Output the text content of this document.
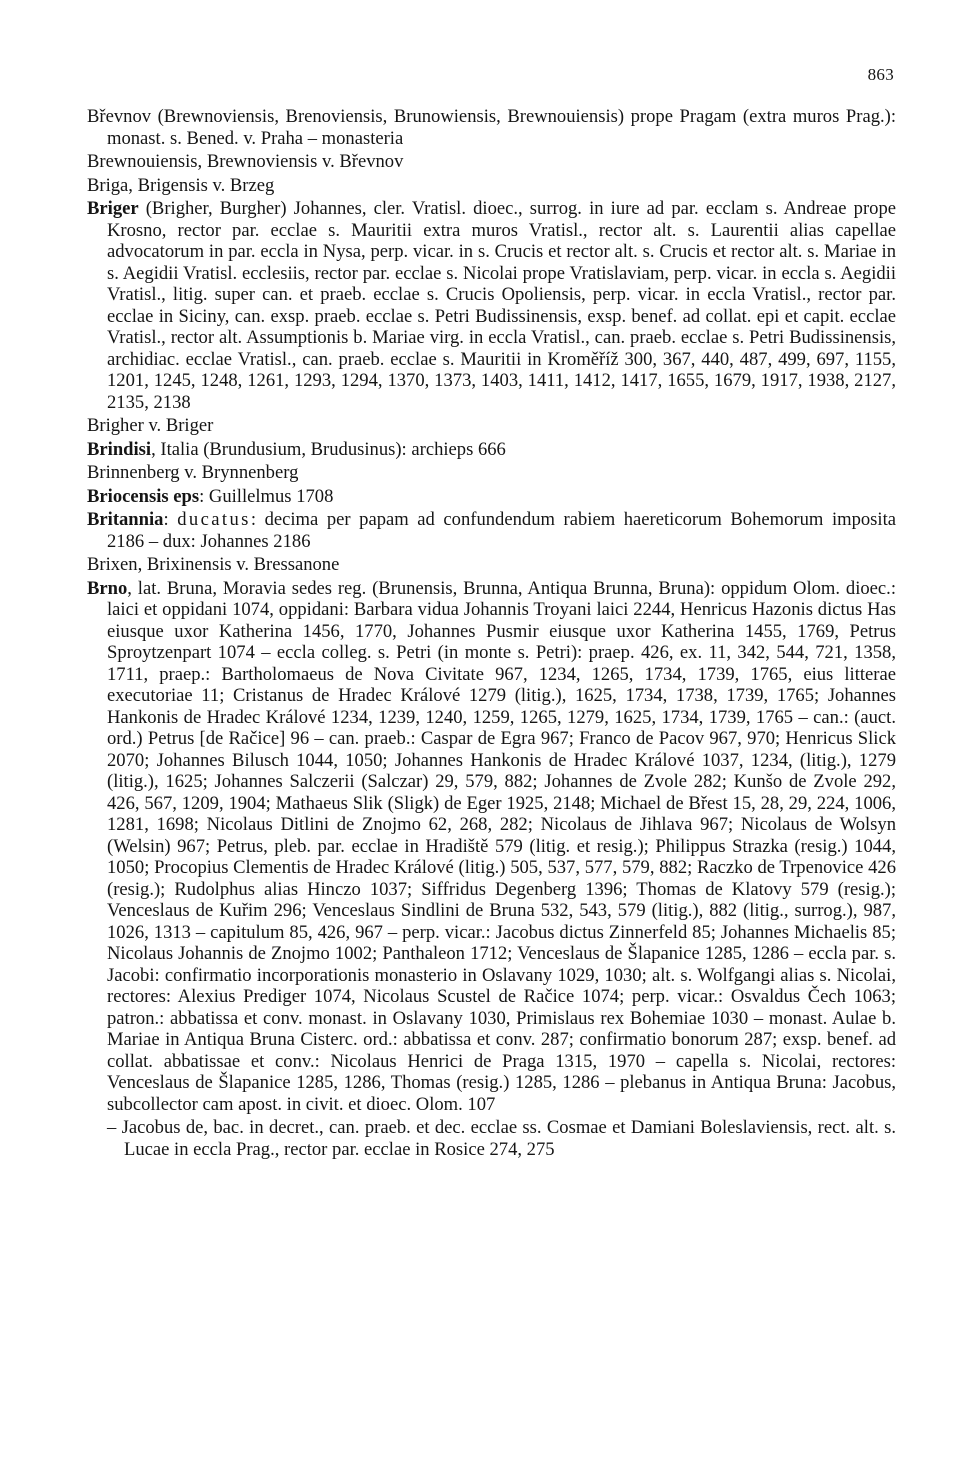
863

Břevnov (Brewnoviensis, Brenoviensis, Brunowiensis, Brewnouiensis) prope Pragam (extra muros Prag.): monast. s. Bened. v. Praha – monasteria

Brewnouiensis, Brewnoviensis v. Břevnov

Briga, Brigensis v. Brzeg

Briger (Brigher, Burgher) Johannes, cler. Vratisl. dioec., surrog. in iure ad par. ecclam s. Andreae prope Krosno, rector par. ecclae s. Mauritii extra muros Vratisl., rector alt. s. Laurentii alias capellae advocatorum in par. eccla in Nysa, perp. vicar. in s. Crucis et rector alt. s. Crucis et rector alt. s. Mariae in s. Aegidii Vratisl. ecclesiis, rector par. ecclae s. Nicolai prope Vratislaviam, perp. vicar. in eccla s. Aegidii Vratisl., litig. super can. et praeb. ecclae s. Crucis Opoliensis, perp. vicar. in eccla Vratisl., rector par. ecclae in Siciny, can. exsp. praeb. ecclae s. Petri Budissinensis, exsp. benef. ad collat. epi et capit. ecclae Vratisl., rector alt. Assumptionis b. Mariae virg. in eccla Vratisl., can. praeb. ecclae s. Petri Budissinensis, archidiac. ecclae Vratisl., can. praeb. ecclae s. Mauritii in Kroměříž 300, 367, 440, 487, 499, 697, 1155, 1201, 1245, 1248, 1261, 1293, 1294, 1370, 1373, 1403, 1411, 1412, 1417, 1655, 1679, 1917, 1938, 2127, 2135, 2138

Brigher v. Briger

Brindisi, Italia (Brundusium, Brudusinus): archieps 666

Brinnenberg v. Brynnenberg

Briocensis eps: Guillelmus 1708

Britannia: ducatus: decima per papam ad confundendum rabiem haereticorum Bohemorum imposita 2186 – dux: Johannes 2186

Brixen, Brixinensis v. Bressanone

Brno, lat. Bruna, Moravia sedes reg. (Brunensis, Brunna, Antiqua Brunna, Bruna): oppidum Olom. dioec.: laici et oppidani 1074, oppidani: Barbara vidua Johannis Troyani laici 2244, Henricus Hazonis dictus Has eiusque uxor Katherina 1456, 1770, Johannes Pusmir eiusque uxor Katherina 1455, 1769, Petrus Sproytzenpart 1074 – eccla colleg. s. Petri (in monte s. Petri): praep. 426, ex. 11, 342, 544, 721, 1358, 1711, praep.: Bartholomaeus de Nova Civitate 967, 1234, 1265, 1734, 1739, 1765, eius litterae executoriae 11; Cristanus de Hradec Králové 1279 (litig.), 1625, 1734, 1738, 1739, 1765; Johannes Hankonis de Hradec Králové 1234, 1239, 1240, 1259, 1265, 1279, 1625, 1734, 1739, 1765 – can.: (auct. ord.) Petrus [de Račice] 96 – can. praeb.: Caspar de Egra 967; Franco de Pacov 967, 970; Henricus Slick 2070; Johannes Bilusch 1044, 1050; Johannes Hankonis de Hradec Králové 1037, 1234, (litig.), 1279 (litig.), 1625; Johannes Salczerii (Salczar) 29, 579, 882; Johannes de Zvole 282; Kunšo de Zvole 292, 426, 567, 1209, 1904; Mathaeus Slik (Sligk) de Eger 1925, 2148; Michael de Břest 15, 28, 29, 224, 1006, 1281, 1698; Nicolaus Ditlini de Znojmo 62, 268, 282; Nicolaus de Jihlava 967; Nicolaus de Wolsyn (Welsin) 967; Petrus, pleb. par. ecclae in Hradiště 579 (litig. et resig.); Philippus Strazka (resig.) 1044, 1050; Procopius Clementis de Hradec Králové (litig.) 505, 537, 577, 579, 882; Raczko de Trpenovice 426 (resig.); Rudolphus alias Hinczo 1037; Siffridus Degenberg 1396; Thomas de Klatovy 579 (resig.); Venceslaus de Kuřim 296; Venceslaus Sindlini de Bruna 532, 543, 579 (litig.), 882 (litig., surrog.), 987, 1026, 1313 – capitulum 85, 426, 967 – perp. vicar.: Jacobus dictus Zinnerfeld 85; Johannes Michaelis 85; Nicolaus Johannis de Znojmo 1002; Panthaleon 1712; Venceslaus de Šlapanice 1285, 1286 – eccla par. s. Jacobi: confirmatio incorporationis monasterio in Oslavany 1029, 1030; alt. s. Wolfgangi alias s. Nicolai, rectores: Alexius Prediger 1074, Nicolaus Scustel de Račice 1074; perp. vicar.: Osvaldus Čech 1063; patron.: abbatissa et conv. monast. in Oslavany 1030, Primislaus rex Bohemiae 1030 – monast. Aulae b. Mariae in Antiqua Bruna Cisterc. ord.: abbatissa et conv. 287; confirmatio bonorum 287; exsp. benef. ad collat. abbatissae et conv.: Nicolaus Henrici de Praga 1315, 1970 – capella s. Nicolai, rectores: Venceslaus de Šlapanice 1285, 1286, Thomas (resig.) 1285, 1286 – plebanus in Antiqua Bruna: Jacobus, subcollector cam apost. in civit. et dioec. Olom. 107

– Jacobus de, bac. in decret., can. praeb. et dec. ecclae ss. Cosmae et Damiani Boleslaviensis, rect. alt. s. Lucae in eccla Prag., rector par. ecclae in Rosice 274, 275
